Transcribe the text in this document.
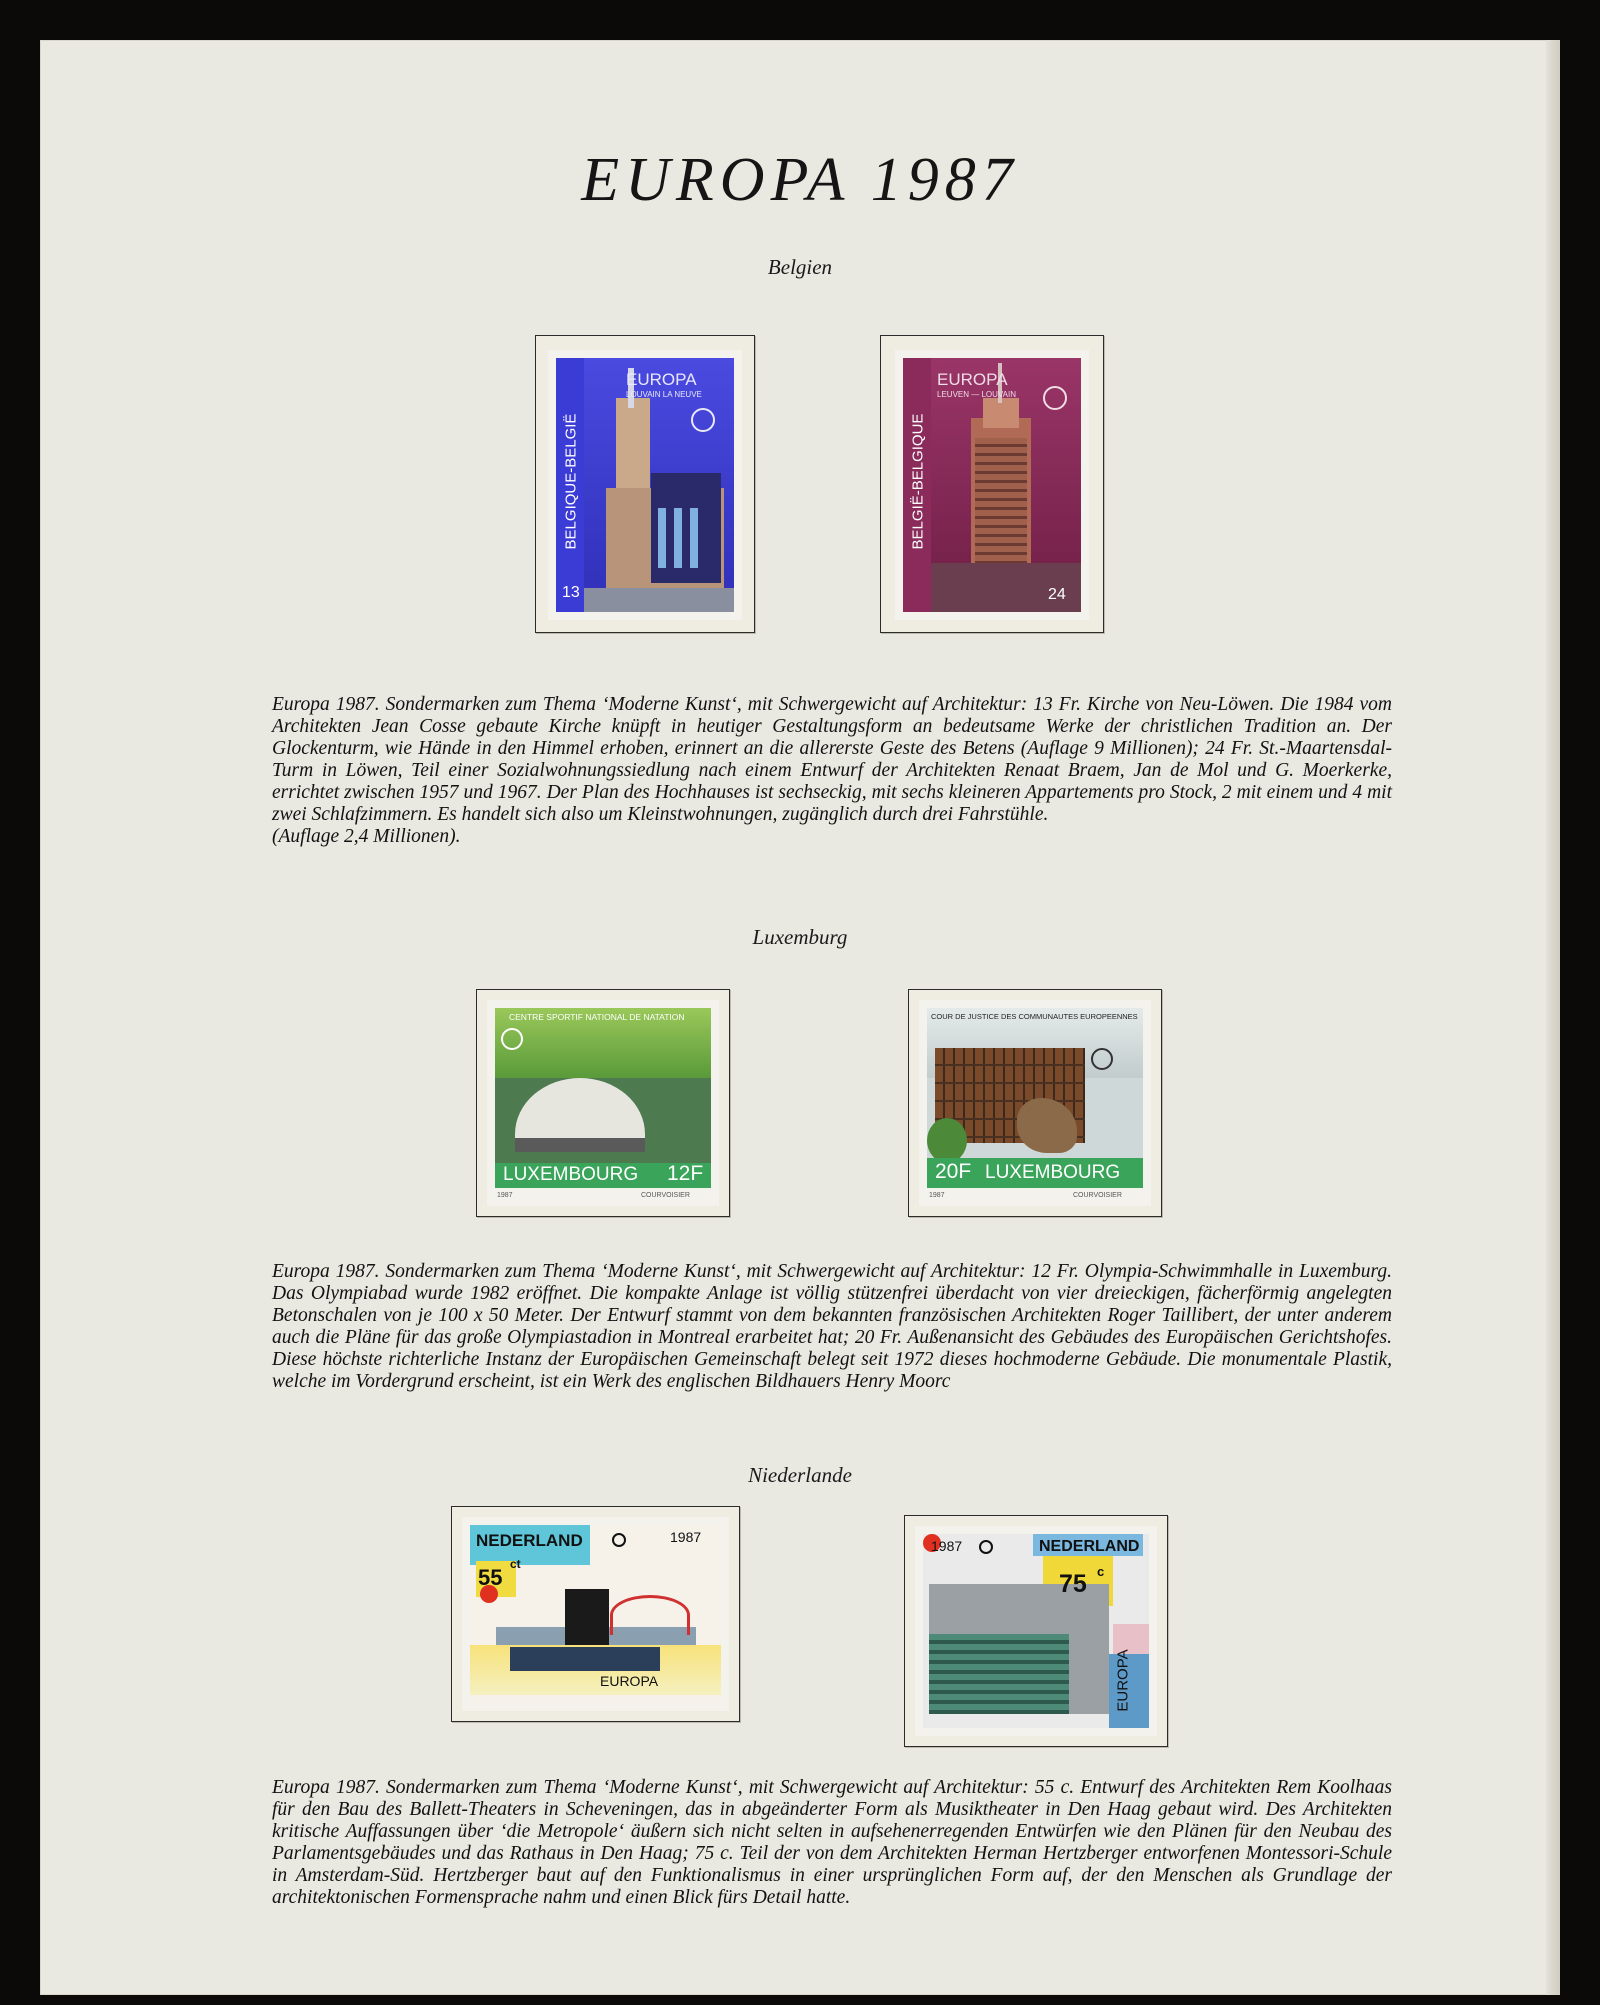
EUROPA 1987
Belgien
EUROPA
LOUVAIN LA NEUVE
BELGIQUE-BELGIË
13
EUROPA
LEUVEN — LOUVAIN
BELGIË-BELGIQUE
24

Europa 1987. Sondermarken zum Thema ‘Moderne Kunst‘, mit Schwergewicht auf Architektur: 13 Fr. Kirche von Neu-Löwen. Die 1984 vom Architekten Jean Cosse gebaute Kirche knüpft in heutiger Gestaltungsform an bedeutsame Werke der christlichen Tradition an. Der Glockenturm, wie Hände in den Himmel erhoben, erinnert an die allererste Geste des Betens (Auflage 9 Millionen); 24 Fr. St.-Maartensdal-Turm in Löwen, Teil einer Sozialwohnungssiedlung nach einem Entwurf der Architekten Renaat Braem, Jan de Mol und G. Moerkerke, errichtet zwischen 1957 und 1967. Der Plan des Hochhauses ist sechseckig, mit sechs kleineren Appartements pro Stock, 2 mit einem und 4 mit zwei Schlafzimmern. Es handelt sich also um Kleinstwohnungen, zugänglich durch drei Fahrstühle.
(Auflage 2,4 Millionen).

Luxemburg
CENTRE SPORTIF NATIONAL DE NATATION
LUXEMBOURG 12F
1987	COURVOISIER
COUR DE JUSTICE DES COMMUNAUTES EUROPEENNES
20F LUXEMBOURG
1987	COURVOISIER

Europa 1987. Sondermarken zum Thema ‘Moderne Kunst‘, mit Schwergewicht auf Architektur: 12 Fr. Olympia-Schwimmhalle in Luxemburg. Das Olympiabad wurde 1982 eröffnet. Die kompakte Anlage ist völlig stützenfrei überdacht von vier dreieckigen, fächerförmig angelegten Betonschalen von je 100 x 50 Meter. Der Entwurf stammt von dem bekannten französischen Architekten Roger Taillibert, der unter anderem auch die Pläne für das große Olympiastadion in Montreal erarbeitet hat; 20 Fr. Außenansicht des Gebäudes des Europäischen Gerichtshofes. Diese höchste richterliche Instanz der Europäischen Gemeinschaft belegt seit 1972 dieses hochmoderne Gebäude. Die monumentale Plastik, welche im Vordergrund erscheint, ist ein Werk des englischen Bildhauers Henry Moorc

Niederlande
NEDERLAND
55
ct
1987
EUROPA
1987	NEDERLAND
75 c
EUROPA

Europa 1987. Sondermarken zum Thema ‘Moderne Kunst‘, mit Schwergewicht auf Architektur: 55 c. Entwurf des Architekten Rem Koolhaas für den Bau des Ballett-Theaters in Scheveningen, das in abgeänderter Form als Musiktheater in Den Haag gebaut wird. Des Architekten kritische Auffassungen über ‘die Metropole‘ äußern sich nicht selten in aufsehenerregenden Entwürfen wie den Plänen für den Neubau des Parlamentsgebäudes und das Rathaus in Den Haag; 75 c. Teil der von dem Architekten Herman Hertzberger entworfenen Montessori-Schule in Amsterdam-Süd. Hertzberger baut auf den Funktionalismus in einer ursprünglichen Form auf, der den Menschen als Grundlage der architektonischen Formensprache nahm und einen Blick fürs Detail hatte.
